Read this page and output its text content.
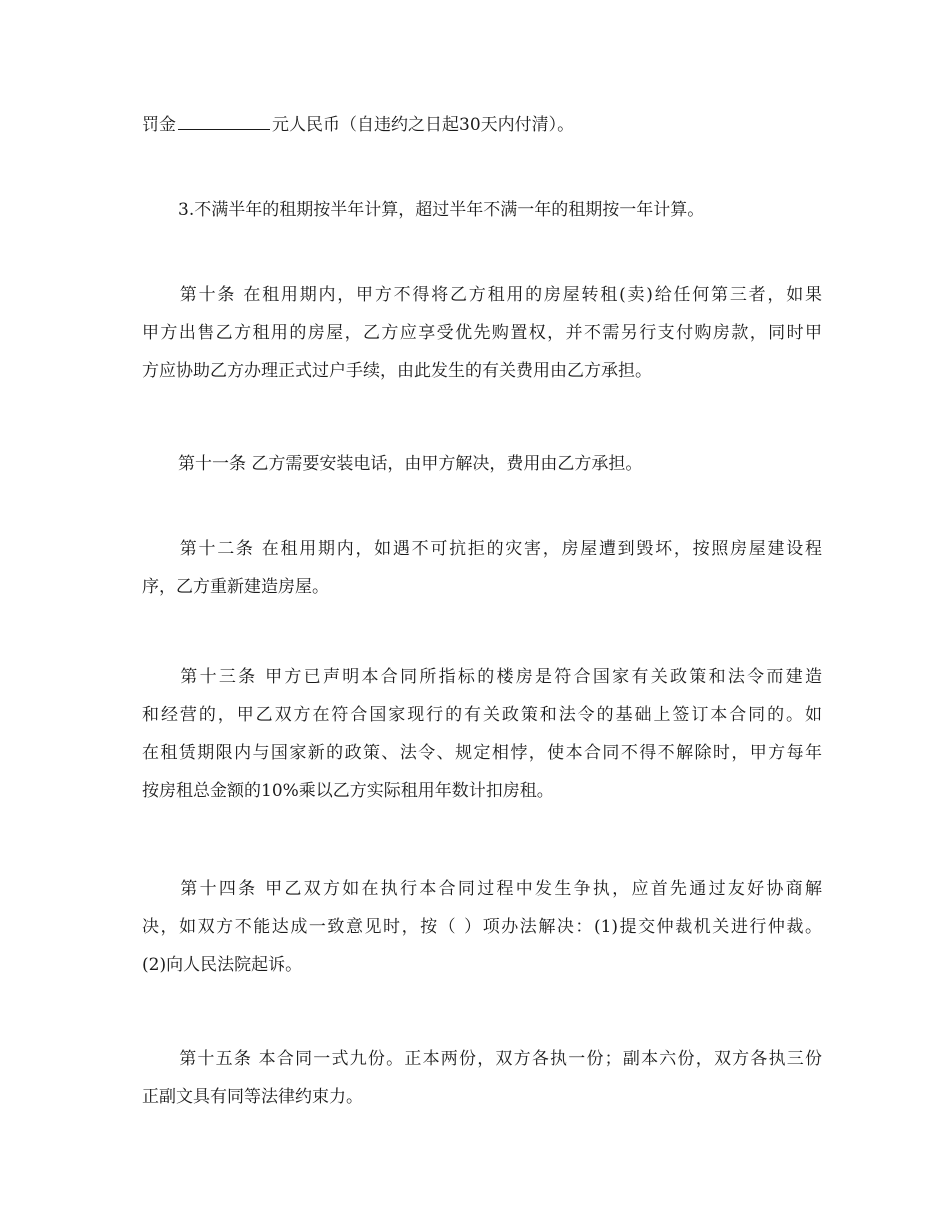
罚金	元人民币（自违约之日起30天内付清）。

3.不满半年的租期按半年计算，超过半年不满一年的租期按一年计算。

第十条 在租用期内，甲方不得将乙方租用的房屋转租(卖)给任何第三者，如果
甲方出售乙方租用的房屋，乙方应享受优先购置权，并不需另行支付购房款，同时甲
方应协助乙方办理正式过户手续，由此发生的有关费用由乙方承担。

第十一条 乙方需要安装电话，由甲方解决，费用由乙方承担。

第十二条 在租用期内，如遇不可抗拒的灾害，房屋遭到毁坏，按照房屋建设程
序，乙方重新建造房屋。

第十三条 甲方已声明本合同所指标的楼房是符合国家有关政策和法令而建造
和经营的，甲乙双方在符合国家现行的有关政策和法令的基础上签订本合同的。如
在租赁期限内与国家新的政策、法令、规定相悖，使本合同不得不解除时，甲方每年
按房租总金额的10%乘以乙方实际租用年数计扣房租。

第十四条 甲乙双方如在执行本合同过程中发生争执，应首先通过友好协商解
决，如双方不能达成一致意见时，按（ ）项办法解决：(1)提交仲裁机关进行仲裁。
(2)向人民法院起诉。

第十五条 本合同一式九份。正本两份，双方各执一份；副本六份，双方各执三份
正副文具有同等法律约束力。
